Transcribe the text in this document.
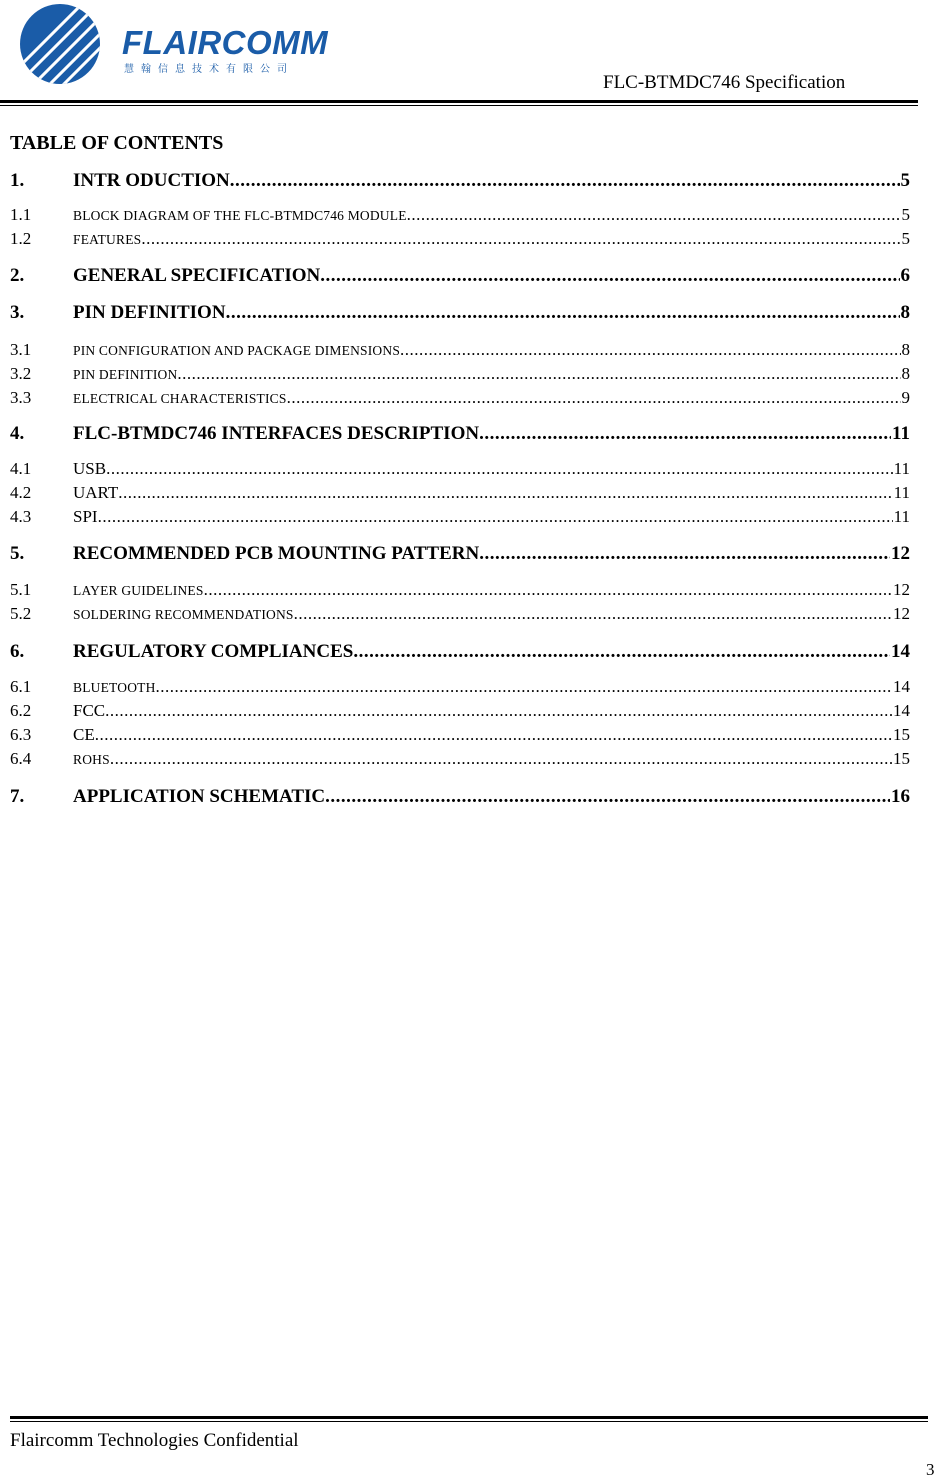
FLAIRCOMM
慧翰信息技术有限公司
FLC-BTMDC746 Specification
TABLE OF CONTENTS
1.	INTR ODUCTION .....	5
1.1	BLOCK DIAGRAM OF THE FLC-BTMDC746 MODULE .....	5
1.2	FEATURES .....	5
2.	GENERAL SPECIFICATION .....	6
3.	PIN DEFINITION .....	8
3.1	PIN CONFIGURATION AND PACKAGE DIMENSIONS .....	8
3.2	PIN DEFINITION .....	8
3.3	ELECTRICAL CHARACTERISTICS .....	9
4.	FLC-BTMDC746 INTERFACES DESCRIPTION .....	11
4.1	USB .....	11
4.2	UART .....	11
4.3	SPI .....	11
5.	RECOMMENDED PCB MOUNTING PATTERN .....	12
5.1	LAYER GUIDELINES .....	12
5.2	SOLDERING RECOMMENDATIONS .....	12
6.	REGULATORY COMPLIANCES .....	14
6.1	BLUETOOTH .....	14
6.2	FCC .....	14
6.3	CE .....	15
6.4	ROHS .....	15
7.	APPLICATION SCHEMATIC .....	16
Flaircomm Technologies Confidential
3
